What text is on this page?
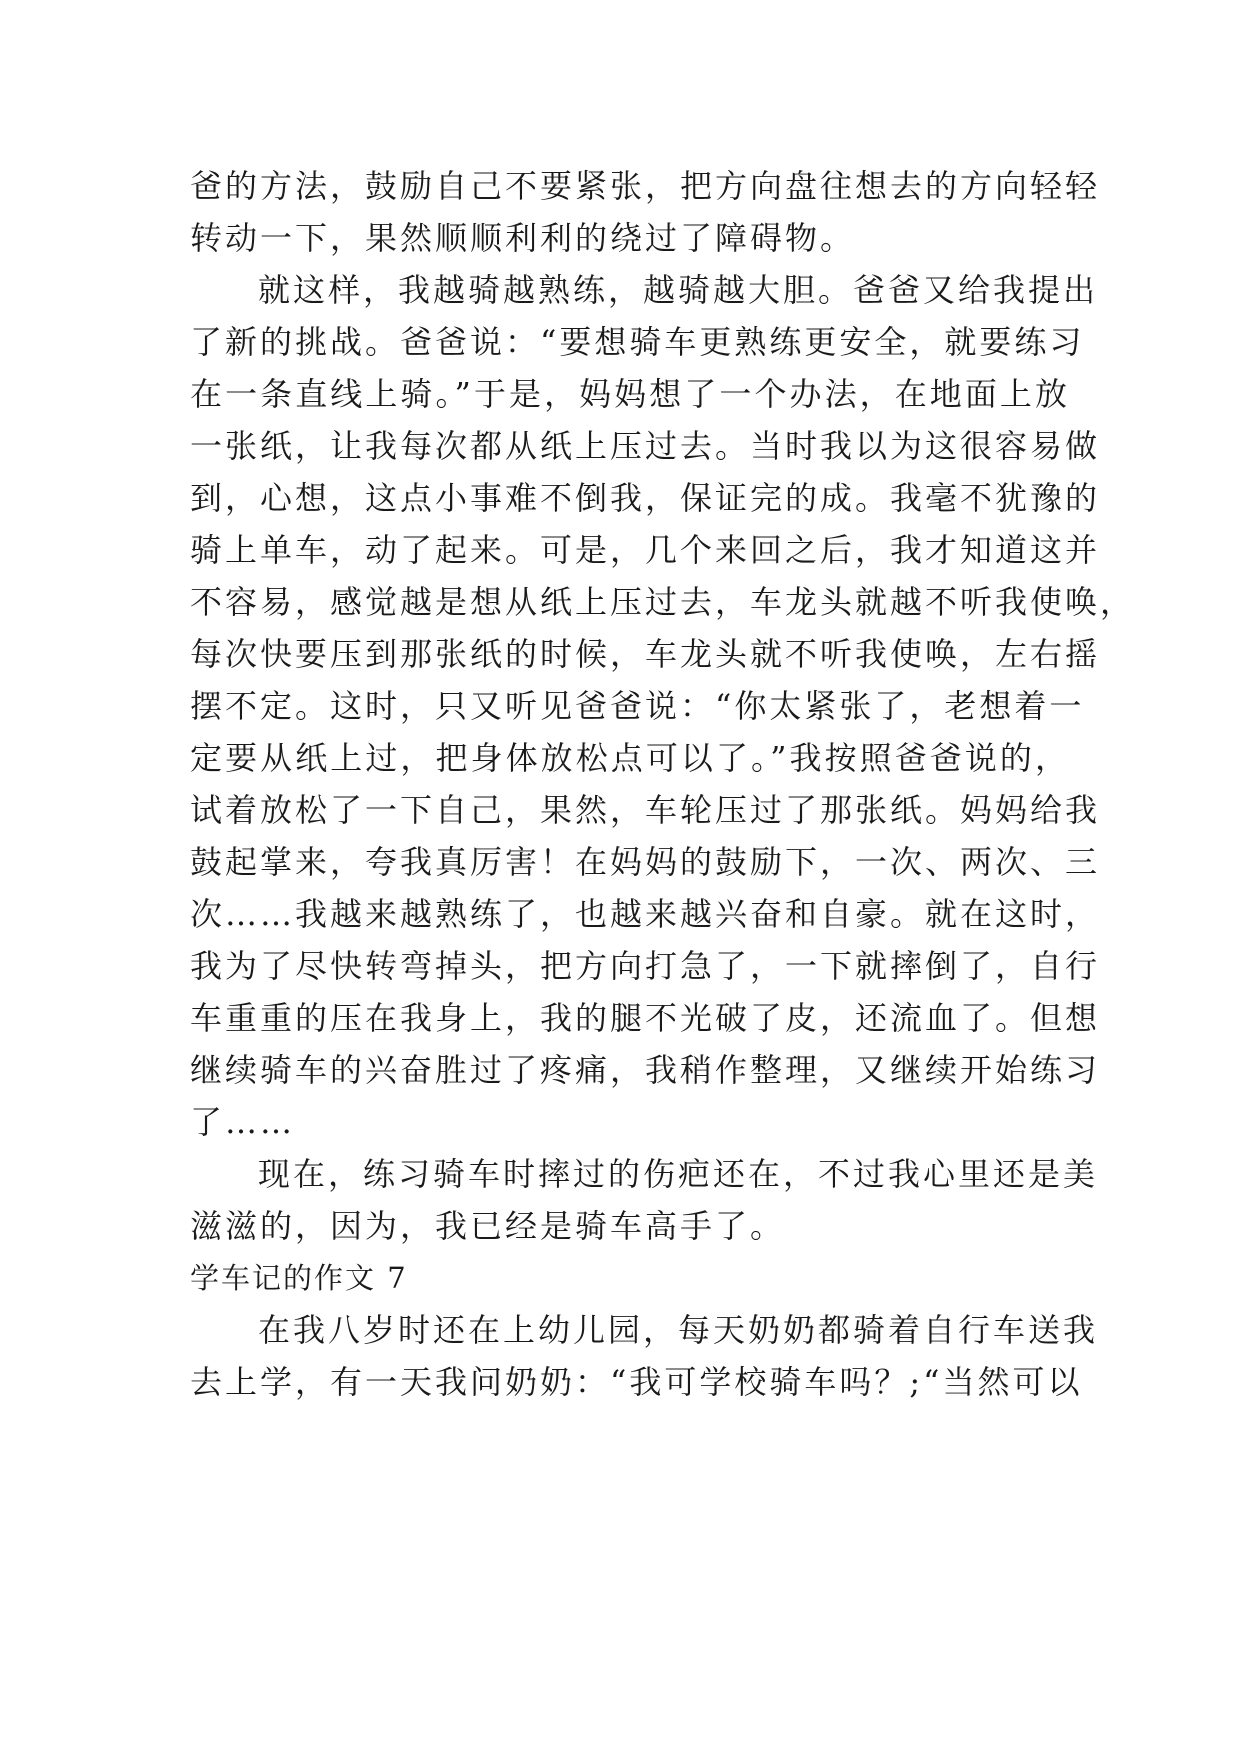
爸的方法，鼓励自己不要紧张，把方向盘往想去的方向轻轻
转动一下，果然顺顺利利的绕过了障碍物。
就这样，我越骑越熟练，越骑越大胆。爸爸又给我提出
了新的挑战。爸爸说：“要想骑车更熟练更安全，就要练习
在一条直线上骑。”于是，妈妈想了一个办法，在地面上放
一张纸，让我每次都从纸上压过去。当时我以为这很容易做
到，心想，这点小事难不倒我，保证完的成。我毫不犹豫的
骑上单车，动了起来。可是，几个来回之后，我才知道这并
不容易，感觉越是想从纸上压过去，车龙头就越不听我使唤，
每次快要压到那张纸的时候，车龙头就不听我使唤，左右摇
摆不定。这时，只又听见爸爸说：“你太紧张了，老想着一
定要从纸上过，把身体放松点可以了。”我按照爸爸说的，
试着放松了一下自己，果然，车轮压过了那张纸。妈妈给我
鼓起掌来，夸我真厉害！在妈妈的鼓励下，一次、两次、三
次……我越来越熟练了，也越来越兴奋和自豪。就在这时，
我为了尽快转弯掉头，把方向打急了，一下就摔倒了，自行
车重重的压在我身上，我的腿不光破了皮，还流血了。但想
继续骑车的兴奋胜过了疼痛，我稍作整理，又继续开始练习
了……
现在，练习骑车时摔过的伤疤还在，不过我心里还是美
滋滋的，因为，我已经是骑车高手了。
学车记的作文 7
在我八岁时还在上幼儿园，每天奶奶都骑着自行车送我
去上学，有一天我问奶奶：“我可学校骑车吗？;“当然可以
